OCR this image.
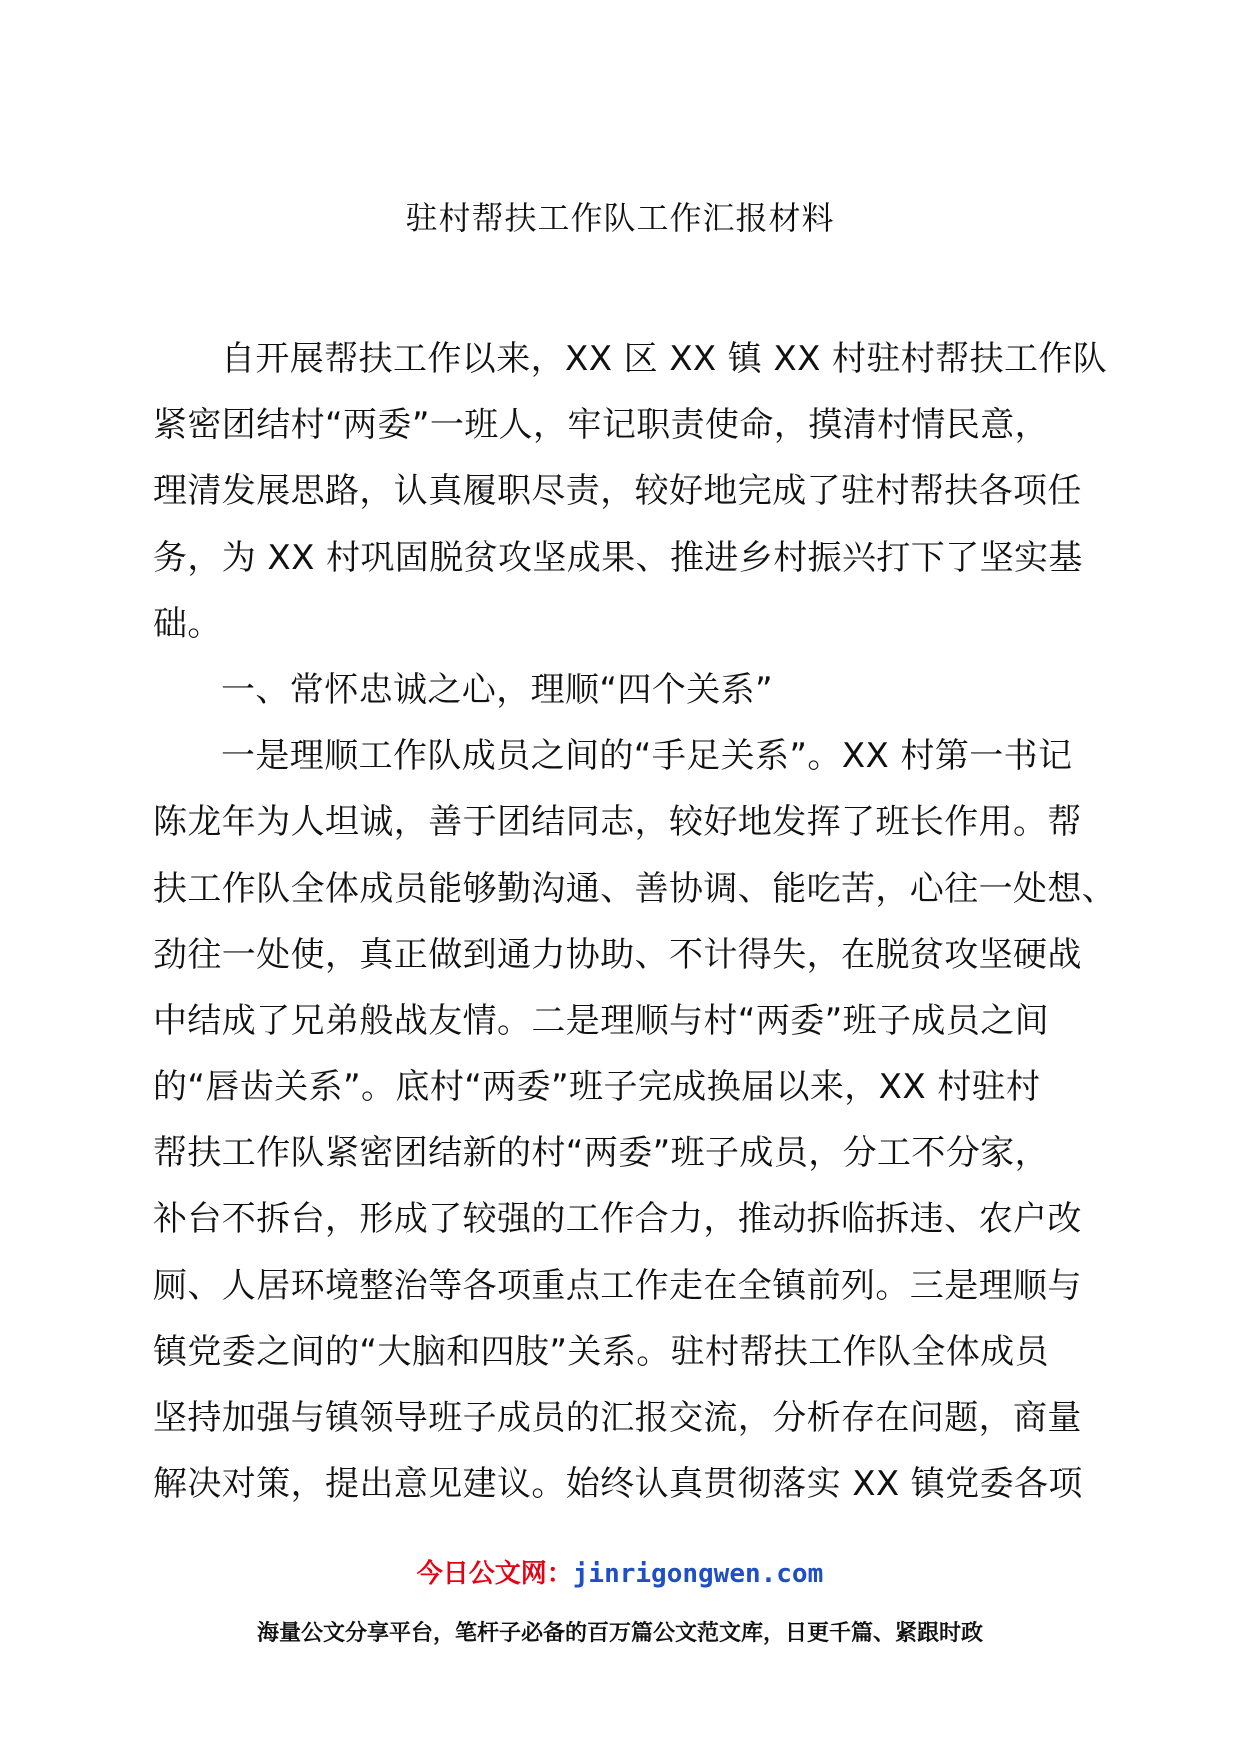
驻村帮扶工作队工作汇报材料
自开展帮扶工作以来，XX 区 XX 镇 XX 村驻村帮扶工作队
紧密团结村“两委”一班人，牢记职责使命，摸清村情民意，
理清发展思路，认真履职尽责，较好地完成了驻村帮扶各项任
务，为 XX 村巩固脱贫攻坚成果、推进乡村振兴打下了坚实基
础。
一、常怀忠诚之心，理顺“四个关系”
一是理顺工作队成员之间的“手足关系”。XX 村第一书记
陈龙年为人坦诚，善于团结同志，较好地发挥了班长作用。帮
扶工作队全体成员能够勤沟通、善协调、能吃苦，心往一处想、
劲往一处使，真正做到通力协助、不计得失，在脱贫攻坚硬战
中结成了兄弟般战友情。二是理顺与村“两委”班子成员之间
的“唇齿关系”。底村“两委”班子完成换届以来，XX 村驻村
帮扶工作队紧密团结新的村“两委”班子成员，分工不分家，
补台不拆台，形成了较强的工作合力，推动拆临拆违、农户改
厕、人居环境整治等各项重点工作走在全镇前列。三是理顺与
镇党委之间的“大脑和四肢”关系。驻村帮扶工作队全体成员
坚持加强与镇领导班子成员的汇报交流，分析存在问题，商量
解决对策，提出意见建议。始终认真贯彻落实 XX 镇党委各项
今日公文网：jinrigongwen.com
海量公文分享平台，笔杆子必备的百万篇公文范文库，日更千篇、紧跟时政
